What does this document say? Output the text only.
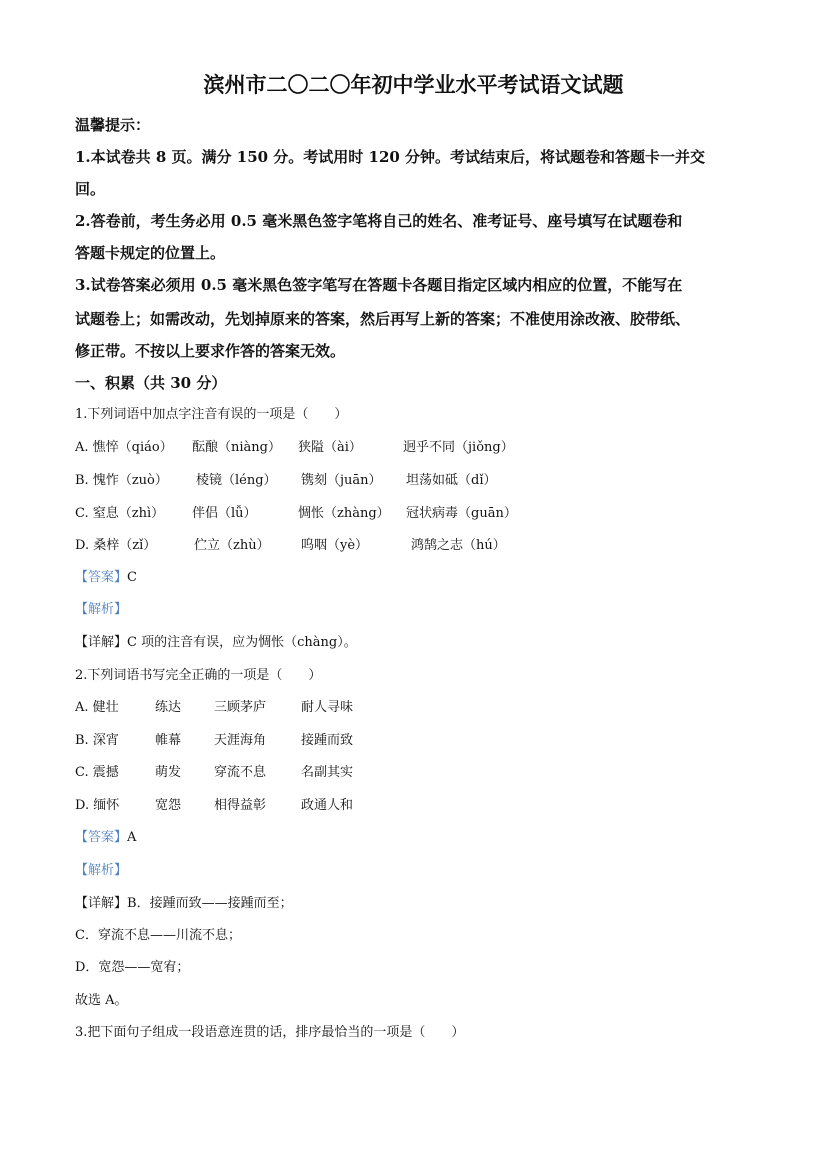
滨州市二〇二〇年初中学业水平考试语文试题
温馨提示：
1.本试卷共 8 页。满分 150 分。考试用时 120 分钟。考试结束后，将试题卷和答题卡一并交
回。
2.答卷前，考生务必用 0.5 毫米黑色签字笔将自己的姓名、准考证号、座号填写在试题卷和
答题卡规定的位置上。
3.试卷答案必须用 0.5 毫米黑色签字笔写在答题卡各题目指定区域内相应的位置，不能写在
试题卷上；如需改动，先划掉原来的答案，然后再写上新的答案；不准使用涂改液、胶带纸、
修正带。不按以上要求作答的答案无效。
一、积累（共 30 分）
1.下列词语中加点字注音有误的一项是（　　）
A. 憔悴（qiáo） 酝酿（niàng） 狭隘（ài）	迥乎不同（jiǒng）
B. 愧怍（zuò） 棱镜（léng） 镌刻（juān） 坦荡如砥（dǐ）
C. 窒息（zhì） 伴侣（lǚ）	惆怅（zhàng） 冠状病毒（guān）
D. 桑梓（zǐ）	伫立（zhù） 呜咽（yè）	鸿鹄之志（hú）
【答案】C
【解析】
【详解】C 项的注音有误，应为惆怅（chàng）。
2.下列词语书写完全正确的一项是（　　）
A. 健壮	练达	三顾茅庐	耐人寻味
B. 深宵	帷幕	天涯海角	接踵而致
C. 震撼	萌发	穿流不息	名副其实
D. 缅怀	宽怨	相得益彰	政通人和
【答案】A
【解析】
【详解】B．接踵而致——接踵而至；
C．穿流不息——川流不息；
D．宽怨——宽宥；
故选 A。
3.把下面句子组成一段语意连贯的话，排序最恰当的一项是（　　）
